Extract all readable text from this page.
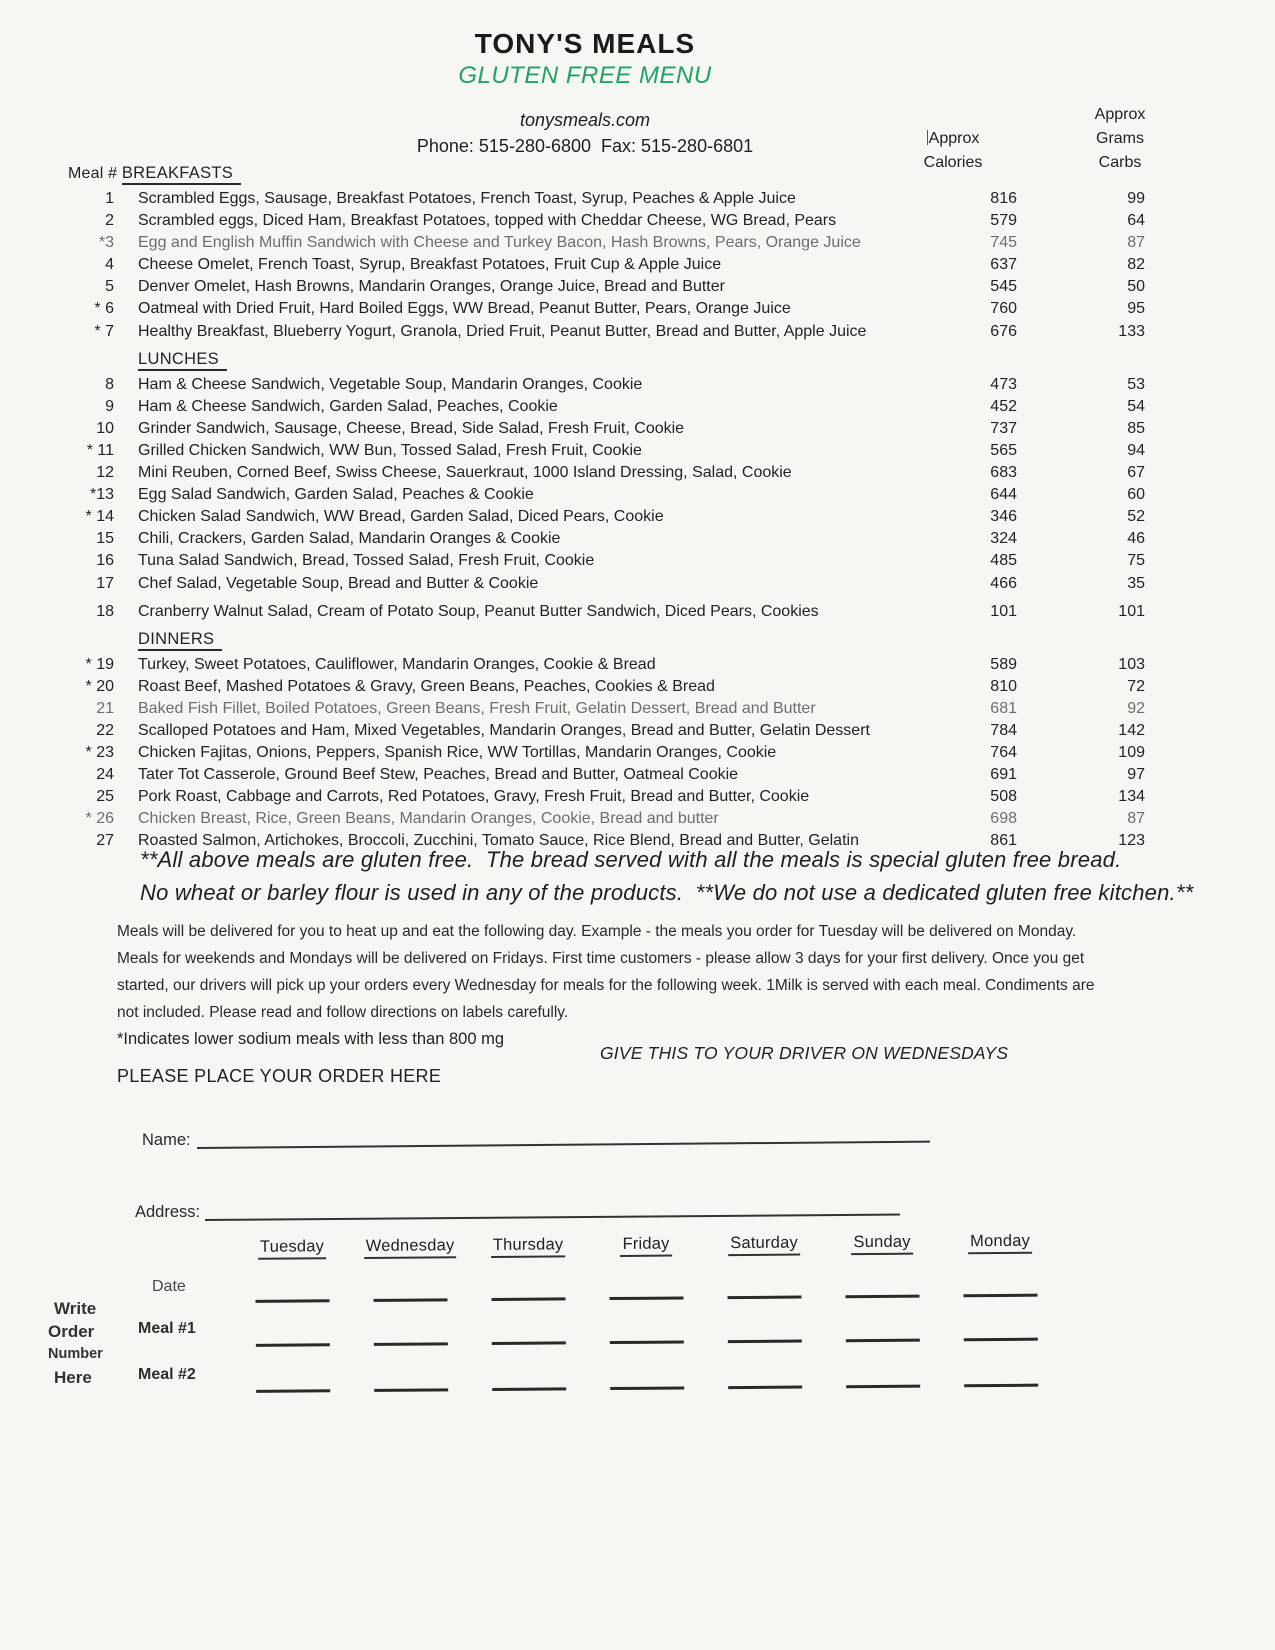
TONY'S MEALS
GLUTEN FREE MENU
tonysmeals.com
Phone: 515-280-6800  Fax: 515-280-6801	Approx
Calories
Approx
Grams
Carbs
Meal # BREAKFASTS
1	Scrambled Eggs, Sausage, Breakfast Potatoes, French Toast, Syrup, Peaches & Apple Juice	816	99
2	Scrambled eggs, Diced Ham, Breakfast Potatoes, topped with Cheddar Cheese, WG Bread, Pears	579	64
*3	Egg and English Muffin Sandwich with Cheese and Turkey Bacon, Hash Browns, Pears, Orange Juice	745	87
4	Cheese Omelet, French Toast, Syrup, Breakfast Potatoes, Fruit Cup & Apple Juice	637	82
5	Denver Omelet, Hash Browns, Mandarin Oranges, Orange Juice, Bread and Butter	545	50
* 6	Oatmeal with Dried Fruit, Hard Boiled Eggs, WW Bread, Peanut Butter, Pears, Orange Juice	760	95
* 7	Healthy Breakfast, Blueberry Yogurt, Granola, Dried Fruit, Peanut Butter, Bread and Butter, Apple Juice	676	133
LUNCHES
8	Ham & Cheese Sandwich, Vegetable Soup, Mandarin Oranges, Cookie	473	53
9	Ham & Cheese Sandwich, Garden Salad, Peaches, Cookie	452	54
10	Grinder Sandwich, Sausage, Cheese, Bread, Side Salad, Fresh Fruit, Cookie	737	85
* 11	Grilled Chicken Sandwich, WW Bun, Tossed Salad, Fresh Fruit, Cookie	565	94
12	Mini Reuben, Corned Beef, Swiss Cheese, Sauerkraut, 1000 Island Dressing, Salad, Cookie	683	67
*13	Egg Salad Sandwich, Garden Salad, Peaches & Cookie	644	60
* 14	Chicken Salad Sandwich, WW Bread, Garden Salad, Diced Pears, Cookie	346	52
15	Chili, Crackers, Garden Salad, Mandarin Oranges & Cookie	324	46
16	Tuna Salad Sandwich, Bread, Tossed Salad, Fresh Fruit, Cookie	485	75
17	Chef Salad, Vegetable Soup, Bread and Butter & Cookie	466	35
18	Cranberry Walnut Salad, Cream of Potato Soup, Peanut Butter Sandwich, Diced Pears, Cookies	101	101
DINNERS
* 19	Turkey, Sweet Potatoes, Cauliflower, Mandarin Oranges, Cookie & Bread	589	103
* 20	Roast Beef, Mashed Potatoes & Gravy, Green Beans, Peaches, Cookies & Bread	810	72
21	Baked Fish Fillet, Boiled Potatoes, Green Beans, Fresh Fruit, Gelatin Dessert, Bread and Butter	681	92
22	Scalloped Potatoes and Ham, Mixed Vegetables, Mandarin Oranges, Bread and Butter, Gelatin Dessert	784	142
* 23	Chicken Fajitas, Onions, Peppers, Spanish Rice, WW Tortillas, Mandarin Oranges, Cookie	764	109
24	Tater Tot Casserole, Ground Beef Stew, Peaches, Bread and Butter, Oatmeal Cookie	691	97
25	Pork Roast, Cabbage and Carrots, Red Potatoes, Gravy, Fresh Fruit, Bread and Butter, Cookie	508	134
* 26	Chicken Breast, Rice, Green Beans, Mandarin Oranges, Cookie, Bread and butter	698	87
27	Roasted Salmon, Artichokes, Broccoli, Zucchini, Tomato Sauce, Rice Blend, Bread and Butter, Gelatin	861	123
**All above meals are gluten free.  The bread served with all the meals is special gluten free bread.
No wheat or barley flour is used in any of the products.  **We do not use a dedicated gluten free kitchen.**
Meals will be delivered for you to heat up and eat the following day. Example - the meals you order for Tuesday will be delivered on Monday. Meals for weekends and Mondays will be delivered on Fridays. First time customers - please allow 3 days for your first delivery. Once you get started, our drivers will pick up your orders every Wednesday for meals for the following week. 1Milk is served with each meal. Condiments are not included. Please read and follow directions on labels carefully.
*Indicates lower sodium meals with less than 800 mg
GIVE THIS TO YOUR DRIVER ON WEDNESDAYS
PLEASE PLACE YOUR ORDER HERE
Name:
Address:
Tuesday	Wednesday	Thursday	Friday	Saturday	Sunday	Monday
Date
Meal #1
Meal #2
Write
Order
Number
Here
